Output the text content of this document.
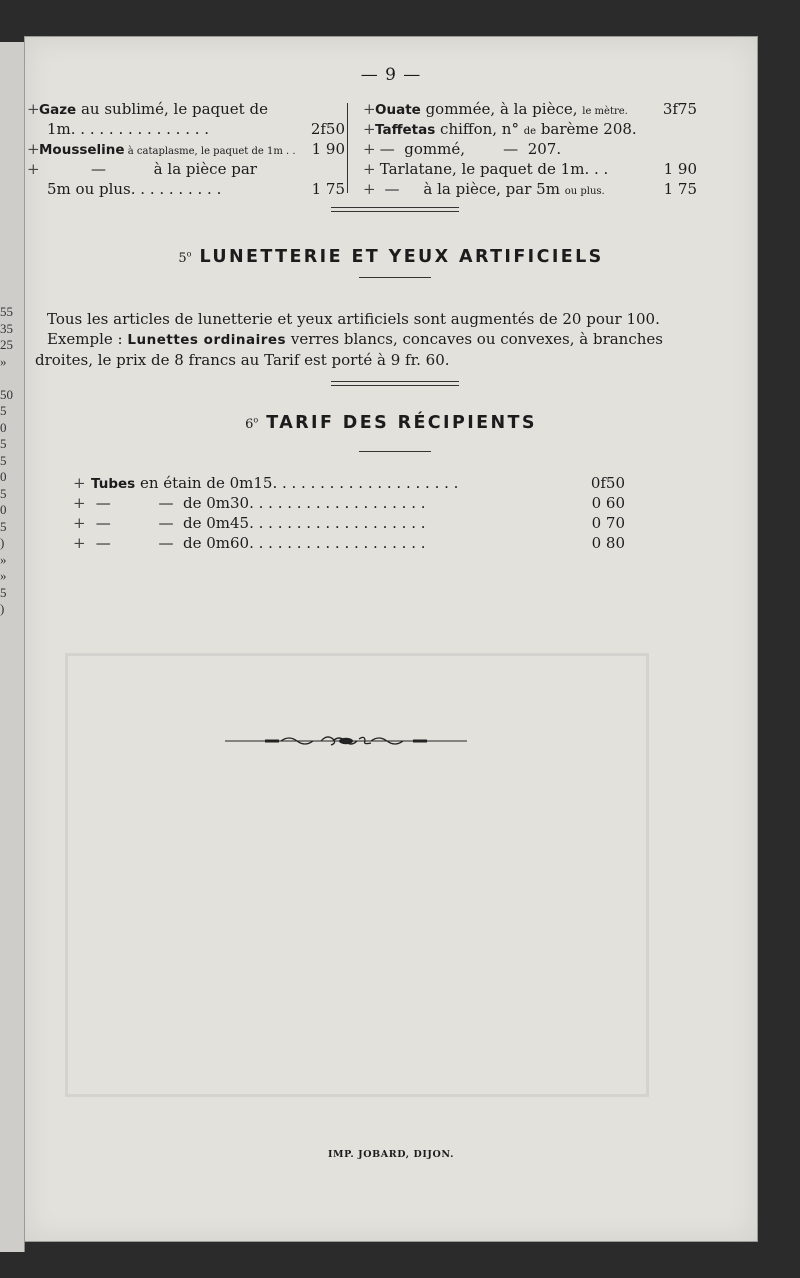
55
35
25
»
50
5
0
5
5
0
5
0
5
)
»
»
5
)
— 9 —
+Gaze au sublimé, le paquet de
1m. . . . . . . . . . . . . . .	2f50
+Mousseline à cataplasme, le paquet de 1m . . 1 90
+	—          à la pièce par
5m ou plus. . . . . . . . . .	1 75
+Ouate gommée, à la pièce, le mètre. 3f75
+Taffetas chiffon, n° de barème 208.
+ —  gommé,        —  207.
+ Tarlatane, le paquet de 1m. . .	1 90
+  —     à la pièce, par 5m ou plus.	1 75
5$^o$ LUNETTERIE ET YEUX ARTIFICIELS

Tous les articles de lunetterie et yeux artificiels sont augmentés de 20 pour 100.

Exemple : Lunettes ordinaires verres blancs, concaves ou convexes, à branches

droites, le prix de 8 francs au Tarif est porté à 9 fr. 60.

6$^o$ TARIF DES RÉCIPIENTS
+ Tubes en étain de 0m15. . . . . . . . . . . . . . . . . . . .	0f50
+ —          —  de 0m30. . . . . . . . . . . . . . . . . . .	0 60
+ —          —  de 0m45. . . . . . . . . . . . . . . . . . .	0 70
+ —          —  de 0m60. . . . . . . . . . . . . . . . . . .	0 80
IMP. JOBARD, DIJON.
